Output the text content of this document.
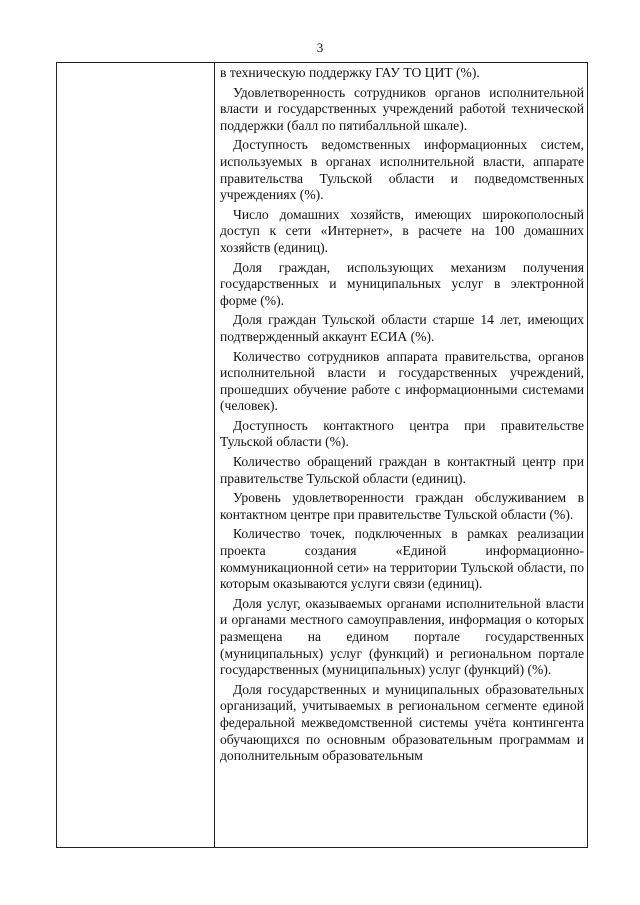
3

в техническую поддержку ГАУ ТО ЦИТ (%).

Удовлетворенность сотрудников органов исполнительной власти и государственных учреждений работой технической поддержки (балл по пятибалльной шкале).

Доступность ведомственных информационных систем, используемых в органах исполнительной власти, аппарате правительства Тульской области и подведомственных учреждениях (%).

Число домашних хозяйств, имеющих широкополосный доступ к сети «Интернет», в расчете на 100 домашних хозяйств (единиц).

Доля граждан, использующих механизм получения государственных и муниципальных услуг в электронной форме (%).

Доля граждан Тульской области старше 14 лет, имеющих подтвержденный аккаунт ЕСИА (%).

Количество сотрудников аппарата правительства, органов исполнительной власти и государственных учреждений, прошедших обучение работе с информационными системами (человек).

Доступность контактного центра при правительстве Тульской области (%).

Количество обращений граждан в контактный центр при правительстве Тульской области (единиц).

Уровень удовлетворенности граждан обслуживанием в контактном центре при правительстве Тульской области (%).

Количество точек, подключенных в рамках реализации проекта создания «Единой информационно-коммуникационной сети» на территории Тульской области, по которым оказываются услуги связи (единиц).

Доля услуг, оказываемых органами исполнительной власти и органами местного самоуправления, информация о которых размещена на едином портале государственных (муниципальных) услуг (функций) и региональном портале государственных (муниципальных) услуг (функций) (%).

Доля государственных и муниципальных образовательных организаций, учитываемых в региональном сегменте единой федеральной межведомственной системы учёта контингента обучающихся по основным образовательным программам и дополнительным образовательным
